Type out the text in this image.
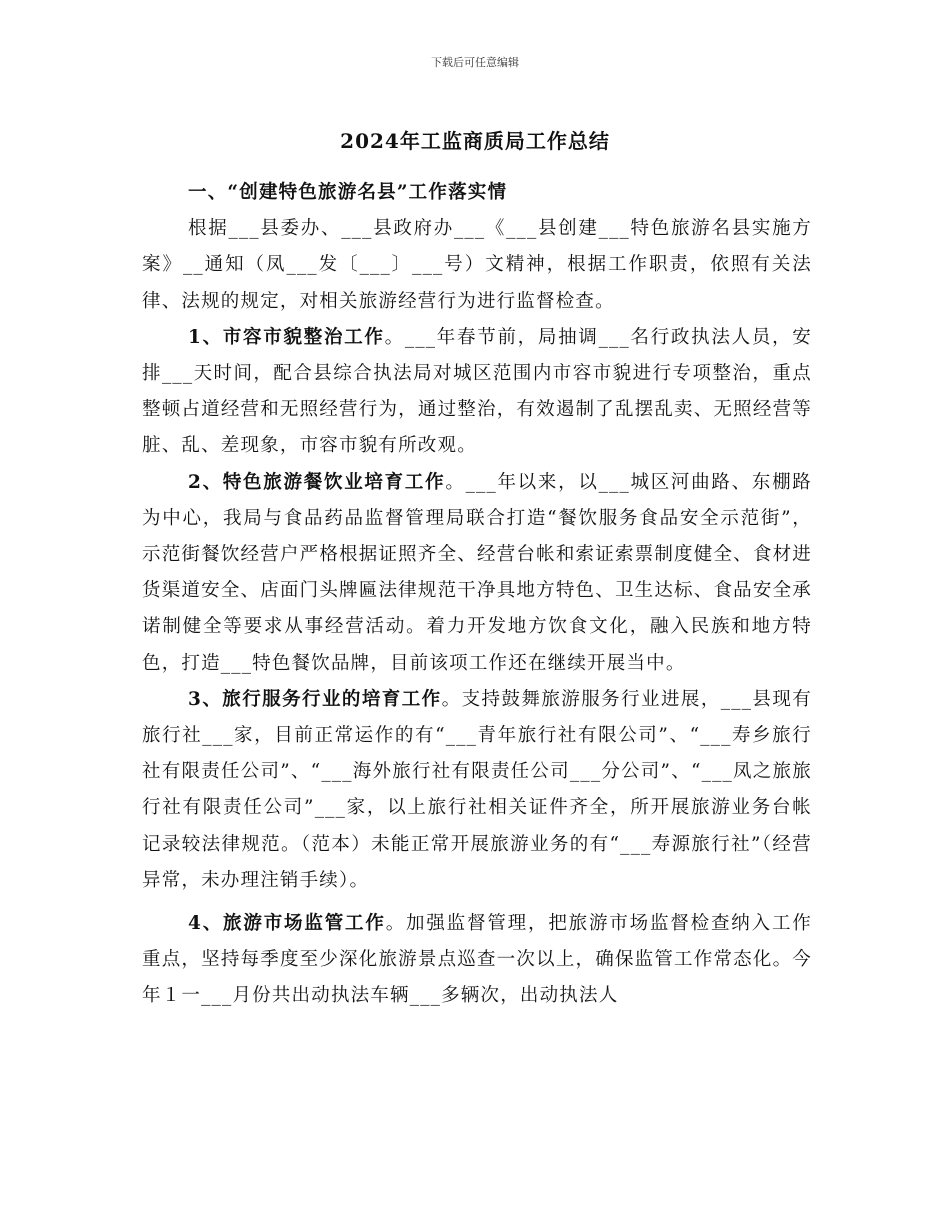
下载后可任意编辑
2024年工监商质局工作总结

一、“创建特色旅游名县”工作落实情

根据___县委办、___县政府办___《___县创建___特色旅游名县实施方案》__通知（凤___发〔___〕___号）文精神，根据工作职责，依照有关法律、法规的规定，对相关旅游经营行为进行监督检查。

1、市容市貌整治工作。___年春节前，局抽调___名行政执法人员，安排___天时间，配合县综合执法局对城区范围内市容市貌进行专项整治，重点整顿占道经营和无照经营行为，通过整治，有效遏制了乱摆乱卖、无照经营等脏、乱、差现象，市容市貌有所改观。

2、特色旅游餐饮业培育工作。___年以来，以___城区河曲路、东棚路为中心，我局与食品药品监督管理局联合打造“餐饮服务食品安全示范街”，示范街餐饮经营户严格根据证照齐全、经营台帐和索证索票制度健全、食材进货渠道安全、店面门头牌匾法律规范干净具地方特色、卫生达标、食品安全承诺制健全等要求从事经营活动。着力开发地方饮食文化，融入民族和地方特色，打造___特色餐饮品牌，目前该项工作还在继续开展当中。

3、旅行服务行业的培育工作。支持鼓舞旅游服务行业进展，___县现有旅行社___家，目前正常运作的有“___青年旅行社有限公司”、“___寿乡旅行社有限责任公司”、“___海外旅行社有限责任公司___分公司”、“___凤之旅旅行社有限责任公司”___家，以上旅行社相关证件齐全，所开展旅游业务台帐记录较法律规范。（范本）未能正常开展旅游业务的有“___寿源旅行社”（经营异常，未办理注销手续）。

4、旅游市场监管工作。加强监督管理，把旅游市场监督检查纳入工作重点，坚持每季度至少深化旅游景点巡查一次以上，确保监管工作常态化。今年１一___月份共出动执法车辆___多辆次，出动执法人
